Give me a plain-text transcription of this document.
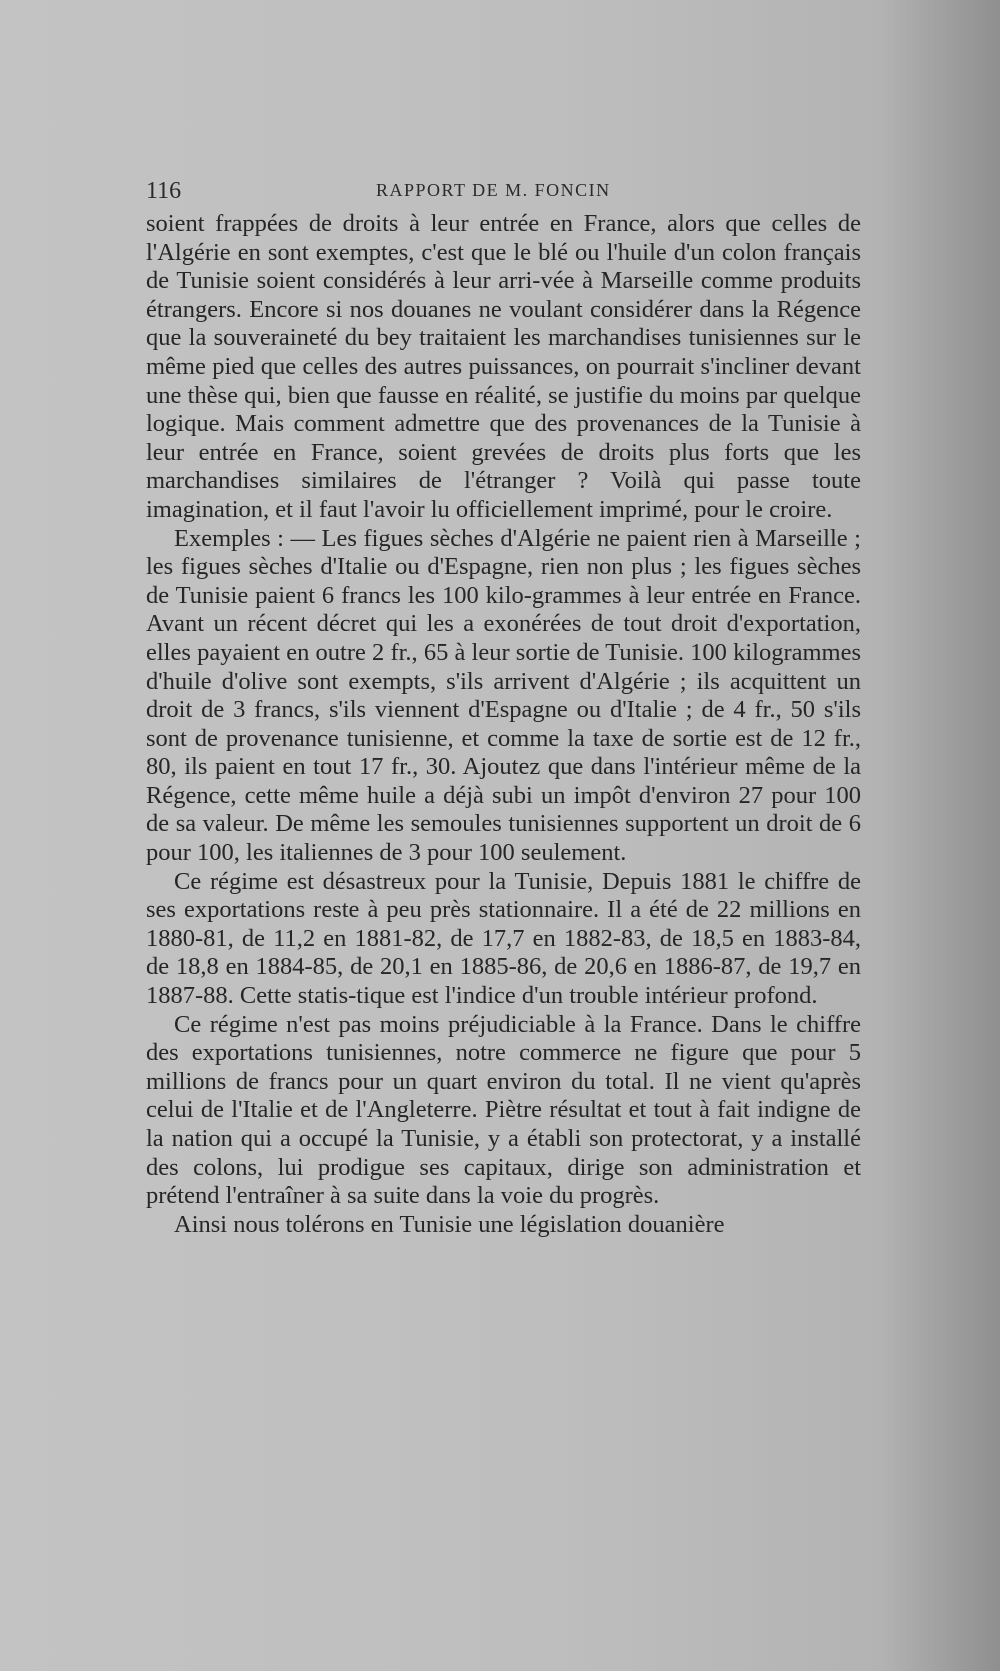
116	RAPPORT DE M. FONCIN

soient frappées de droits à leur entrée en France, alors que celles de l'Algérie en sont exemptes, c'est que le blé ou l'huile d'un colon français de Tunisie soient considérés à leur arri-vée à Marseille comme produits étrangers. Encore si nos douanes ne voulant considérer dans la Régence que la souveraineté du bey traitaient les marchandises tunisiennes sur le même pied que celles des autres puissances, on pourrait s'incliner devant une thèse qui, bien que fausse en réalité, se justifie du moins par quelque logique. Mais comment admettre que des provenances de la Tunisie à leur entrée en France, soient grevées de droits plus forts que les marchandises similaires de l'étranger ? Voilà qui passe toute imagination, et il faut l'avoir lu officiellement imprimé, pour le croire.

Exemples : — Les figues sèches d'Algérie ne paient rien à Marseille ; les figues sèches d'Italie ou d'Espagne, rien non plus ; les figues sèches de Tunisie paient 6 francs les 100 kilo-grammes à leur entrée en France. Avant un récent décret qui les a exonérées de tout droit d'exportation, elles payaient en outre 2 fr., 65 à leur sortie de Tunisie. 100 kilogrammes d'huile d'olive sont exempts, s'ils arrivent d'Algérie ; ils acquittent un droit de 3 francs, s'ils viennent d'Espagne ou d'Italie ; de 4 fr., 50 s'ils sont de provenance tunisienne, et comme la taxe de sortie est de 12 fr., 80, ils paient en tout 17 fr., 30. Ajoutez que dans l'intérieur même de la Régence, cette même huile a déjà subi un impôt d'environ 27 pour 100 de sa valeur. De même les semoules tunisiennes supportent un droit de 6 pour 100, les italiennes de 3 pour 100 seulement.

Ce régime est désastreux pour la Tunisie, Depuis 1881 le chiffre de ses exportations reste à peu près stationnaire. Il a été de 22 millions en 1880-81, de 11,2 en 1881-82, de 17,7 en 1882-83, de 18,5 en 1883-84, de 18,8 en 1884-85, de 20,1 en 1885-86, de 20,6 en 1886-87, de 19,7 en 1887-88. Cette statis-tique est l'indice d'un trouble intérieur profond.

Ce régime n'est pas moins préjudiciable à la France. Dans le chiffre des exportations tunisiennes, notre commerce ne figure que pour 5 millions de francs pour un quart environ du total. Il ne vient qu'après celui de l'Italie et de l'Angleterre. Piètre résultat et tout à fait indigne de la nation qui a occupé la Tunisie, y a établi son protectorat, y a installé des colons, lui prodigue ses capitaux, dirige son administration et prétend l'entraîner à sa suite dans la voie du progrès.

Ainsi nous tolérons en Tunisie une législation douanière
